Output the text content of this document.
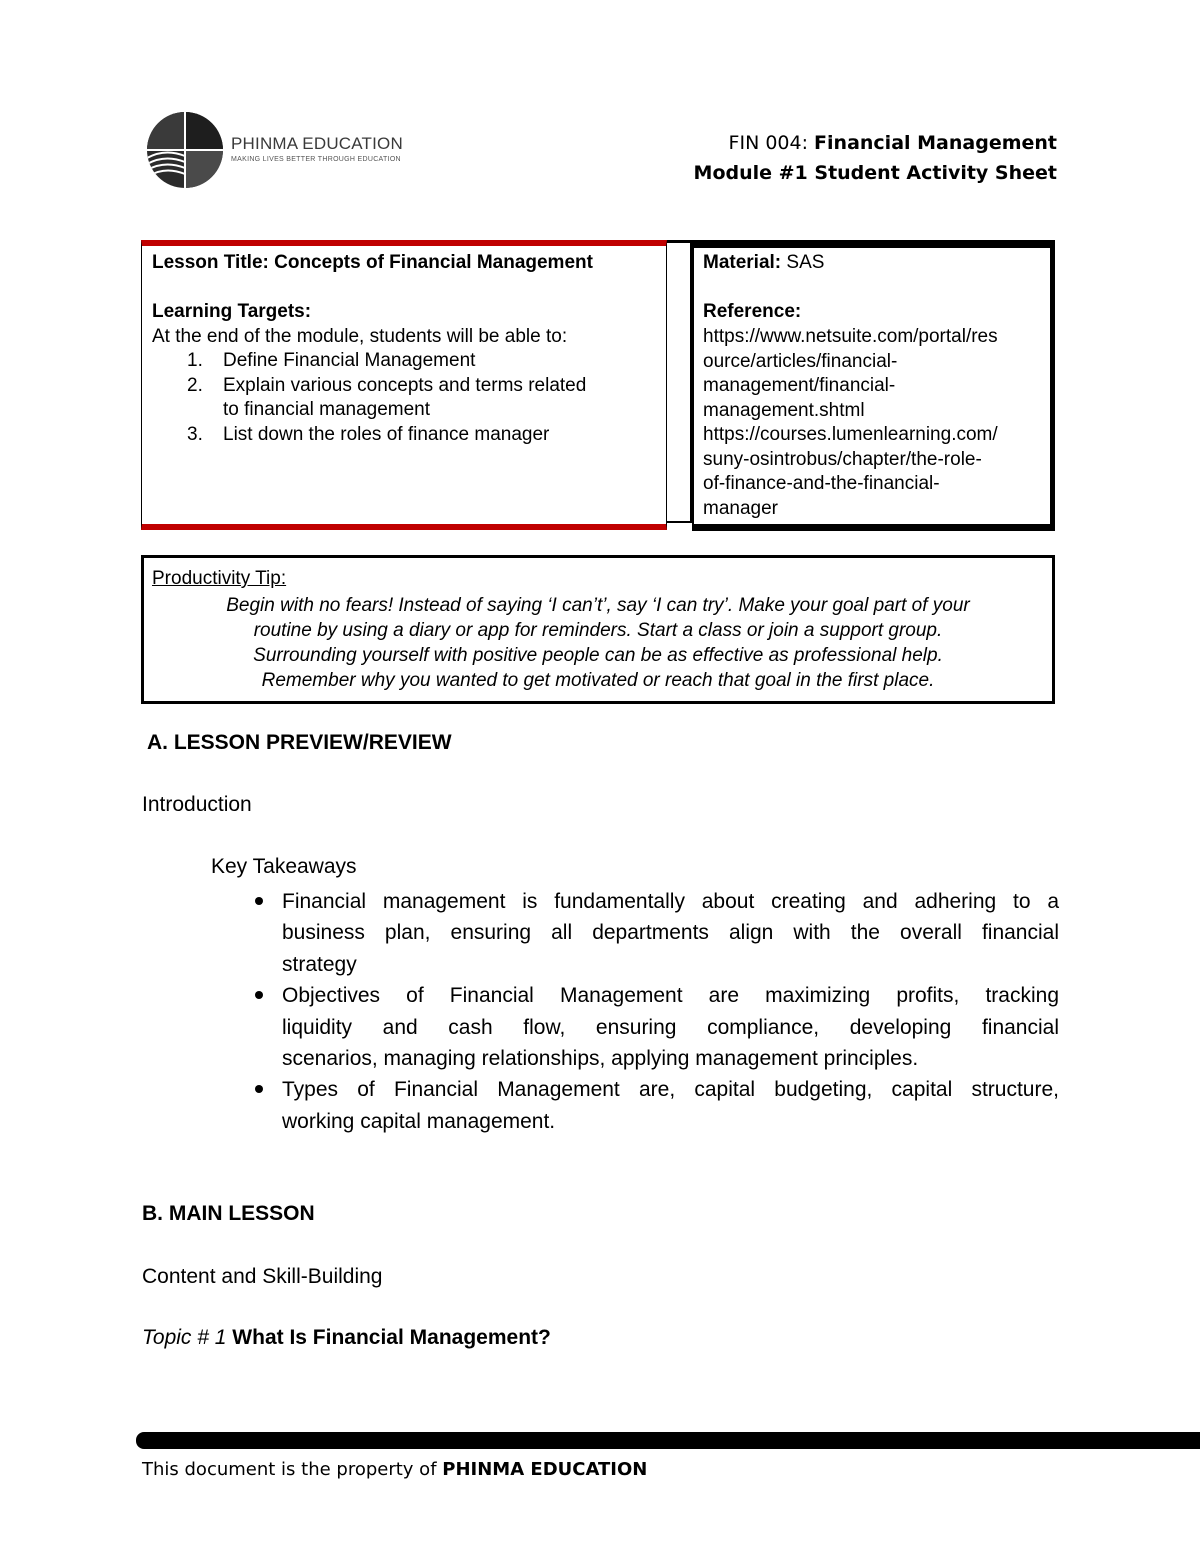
PHINMA EDUCATION
MAKING LIVES BETTER THROUGH EDUCATION
FIN 004: Financial Management
Module #1 Student Activity Sheet
Lesson Title: Concepts of Financial Management
Learning Targets:
At the end of the module, students will be able to:
1. Define Financial Management
2. Explain various concepts and terms related
to financial management
3. List down the roles of finance manager
Material: SAS
Reference:
https://www.netsuite.com/portal/res
ource/articles/financial-
management/financial-
management.shtml
https://courses.lumenlearning.com/
suny-osintrobus/chapter/the-role-
of-finance-and-the-financial-
manager
Productivity Tip:
Begin with no fears! Instead of saying ‘I can’t’, say ‘I can try’. Make your goal part of your
routine by using a diary or app for reminders. Start a class or join a support group.
Surrounding yourself with positive people can be as effective as professional help.
Remember why you wanted to get motivated or reach that goal in the first place.
A. LESSON PREVIEW/REVIEW
Introduction
Key Takeaways
Financial management is fundamentally about creating and adhering to a
business plan, ensuring all departments align with the overall financial
strategy
Objectives of Financial Management are maximizing profits, tracking
liquidity and cash flow, ensuring compliance, developing financial
scenarios, managing relationships, applying management principles.
Types of Financial Management are, capital budgeting, capital structure,
working capital management.
B. MAIN LESSON
Content and Skill-Building
Topic # 1 What Is Financial Management?
This document is the property of PHINMA EDUCATION
